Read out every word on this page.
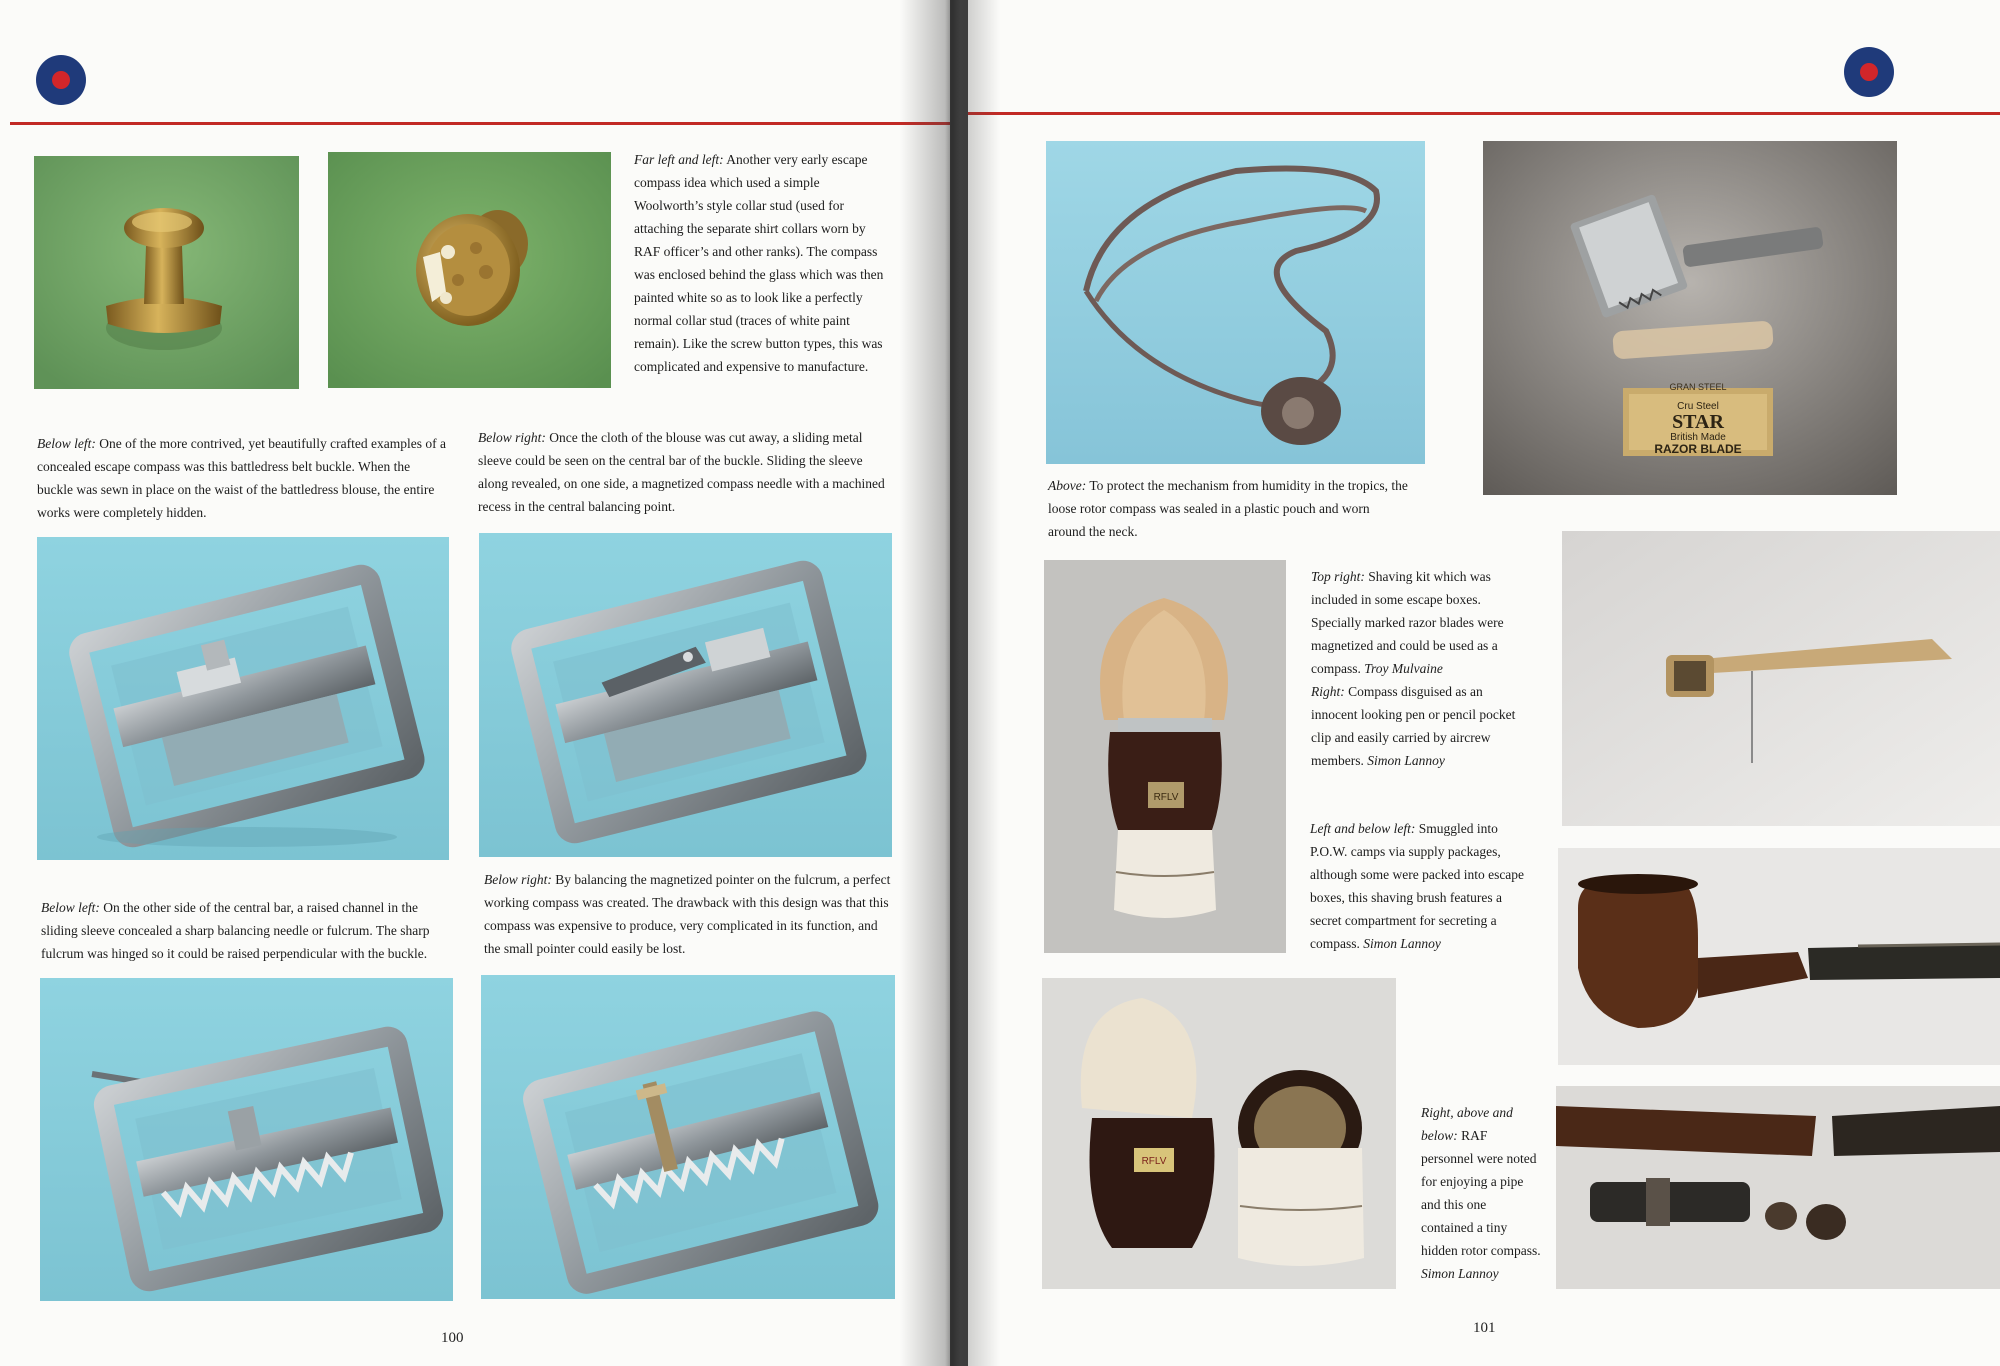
Far left and left: Another very early escape compass idea which used a simple Woolworth’s style collar stud (used for attaching the separate shirt collars worn by RAF officer’s and other ranks). The compass was enclosed behind the glass which was then painted white so as to look like a perfectly normal collar stud (traces of white paint remain). Like the screw button types, this was complicated and expensive to manufacture.
Below left: One of the more contrived, yet beautifully crafted examples of a concealed escape compass was this battledress belt buckle. When the buckle was sewn in place on the waist of the battledress blouse, the entire works were completely hidden.
Below right: Once the cloth of the blouse was cut away, a sliding metal sleeve could be seen on the central bar of the buckle. Sliding the sleeve along revealed, on one side, a magnetized compass needle with a machined recess in the central balancing point.
Below left: On the other side of the central bar, a raised channel in the sliding sleeve concealed a sharp balancing needle or fulcrum. The sharp fulcrum was hinged so it could be raised perpendicular with the buckle.
Below right: By balancing the magnetized pointer on the fulcrum, a perfect working compass was created. The drawback with this design was that this compass was expensive to produce, very complicated in its function, and the small pointer could easily be lost.
100
GRAN STEEL
Cru Steel
STAR
British Made
RAZOR BLADE
Above: To protect the mechanism from humidity in the tropics, the loose rotor compass was sealed in a plastic pouch and worn around the neck.
RFLV
Top right: Shaving kit which was included in some escape boxes. Specially marked razor blades were magnetized and could be used as a compass. Troy Mulvaine
Right: Compass disguised as an innocent looking pen or pencil pocket clip and easily carried by aircrew members. Simon Lannoy
Left and below left: Smuggled into P.O.W. camps via supply packages, although some were packed into escape boxes, this shaving brush features a secret compartment for secreting a compass. Simon Lannoy
RFLV
Right, above and below: RAF personnel were noted for enjoying a pipe and this one contained a tiny hidden rotor compass.
Simon Lannoy
101
